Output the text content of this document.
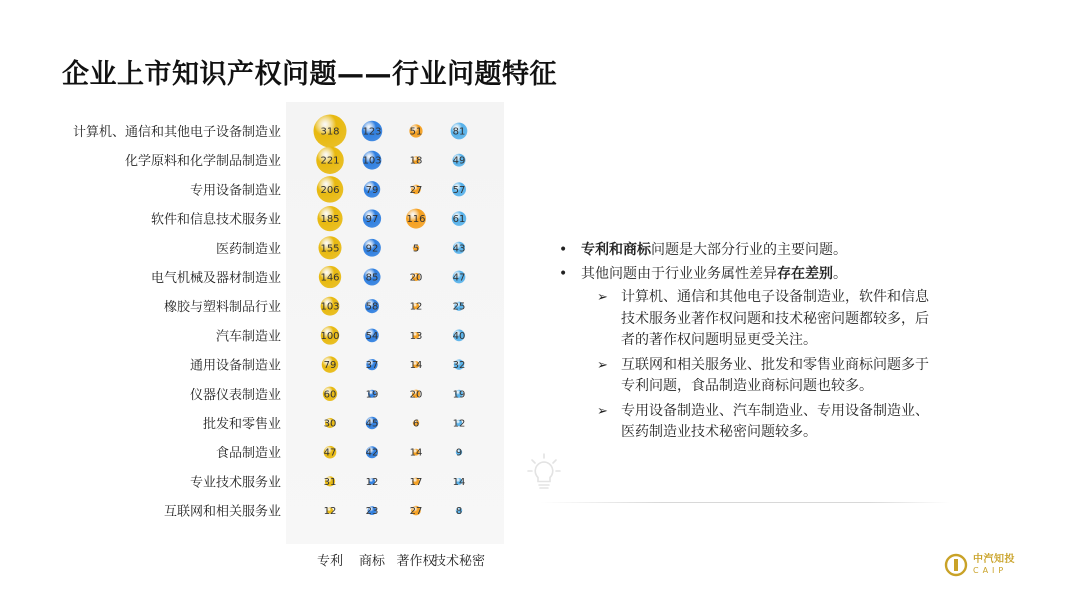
企业上市知识产权问题——行业问题特征
计算机、通信和其他电子设备制造业
化学原料和化学制品制造业
专用设备制造业
软件和信息技术服务业
医药制造业
电气机械及器材制造业
橡胶与塑料制品行业
汽车制造业
通用设备制造业
仪器仪表制造业
批发和零售业
食品制造业
专业技术服务业
互联网和相关服务业
318
221
206
185
155
146
103
100
79
60
30
47
31
12
123
103
79
97
92
85
58
54
37
19
45
42
12
23
51
18
27
116
5
20
12
13
14
20
6
14
17
27
81
49
57
61
43
47
25
40
32
19
12
9
14
8
专利 商标 著作权
技术秘密
• 专利和商标问题是大部分行业的主要问题。
• 其他问题由于行业业务属性差异存在差别。
➢ 计算机、通信和其他电子设备制造业，软件和信息技术服务业著作权问题和技术秘密问题都较多，后者的著作权问题明显更受关注。
➢ 互联网和相关服务业、批发和零售业商标问题多于专利问题，食品制造业商标问题也较多。
➢ 专用设备制造业、汽车制造业、专用设备制造业、医药制造业技术秘密问题较多。
中汽知投
CAIP
